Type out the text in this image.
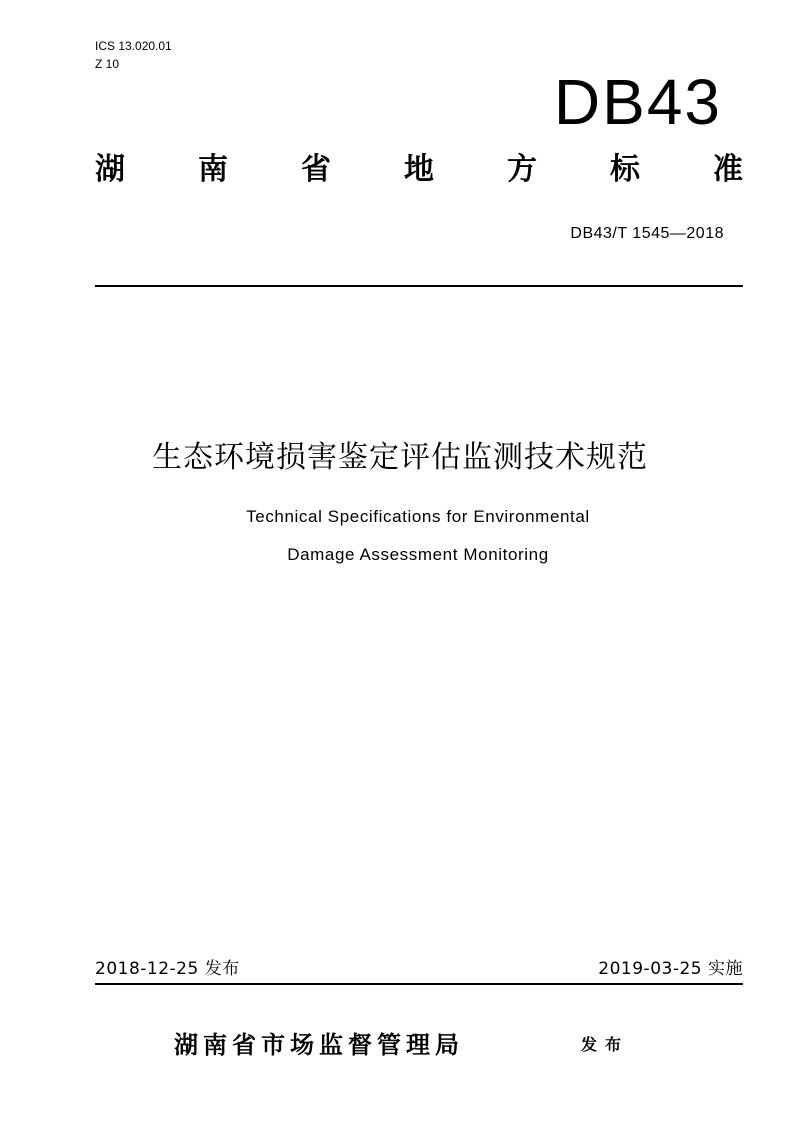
ICS 13.020.01
Z 10
DB43
湖 南 省 地 方 标 准
DB43/T 1545—2018
生态环境损害鉴定评估监测技术规范
Technical Specifications for Environmental
Damage Assessment Monitoring
2018-12-25 发布	2019-03-25 实施
湖南省市场监督管理局	发布
